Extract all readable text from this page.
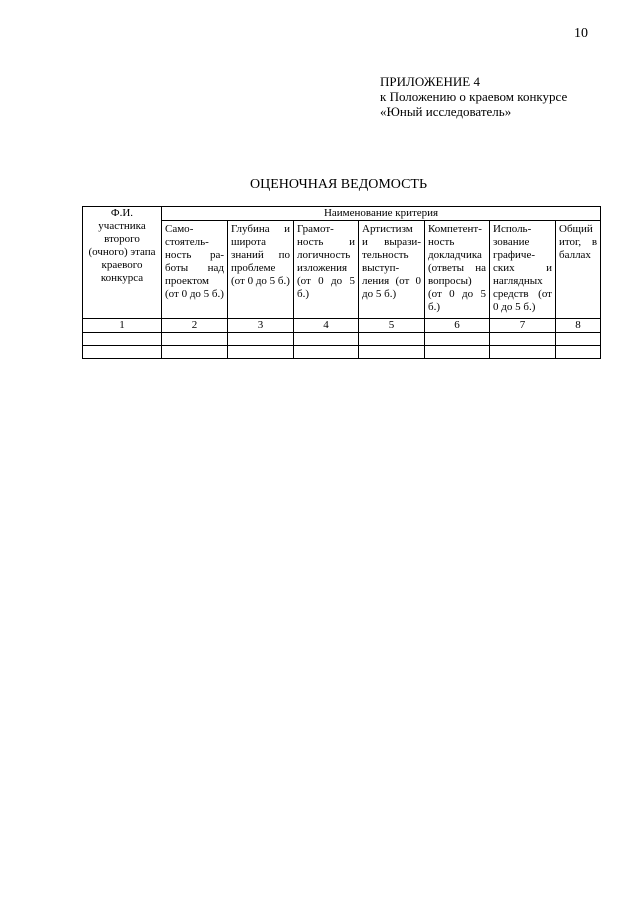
10
ПРИЛОЖЕНИЕ 4
к Положению о краевом конкурсе
«Юный исследователь»
ОЦЕНОЧНАЯ ВЕДОМОСТЬ
Ф.И. участника второго (очного) этапа краевого конкурса	Наименование критерия						
	Самостоятельность работы над проектом (от 0 до 5 б.)	Глубина и широта знаний по проблеме (от 0 до 5 б.)	Грамотность и логичность изложения (от 0 до 5 б.)	Артистизм и выразительность выступления (от 0 до 5 б.)	Компетентность докладчика (ответы на вопросы) (от 0 до 5 б.)	Использование графических и наглядных средств (от 0 до 5 б.)	Общий итог, в баллах
1	2	3	4	5	6	7	8
